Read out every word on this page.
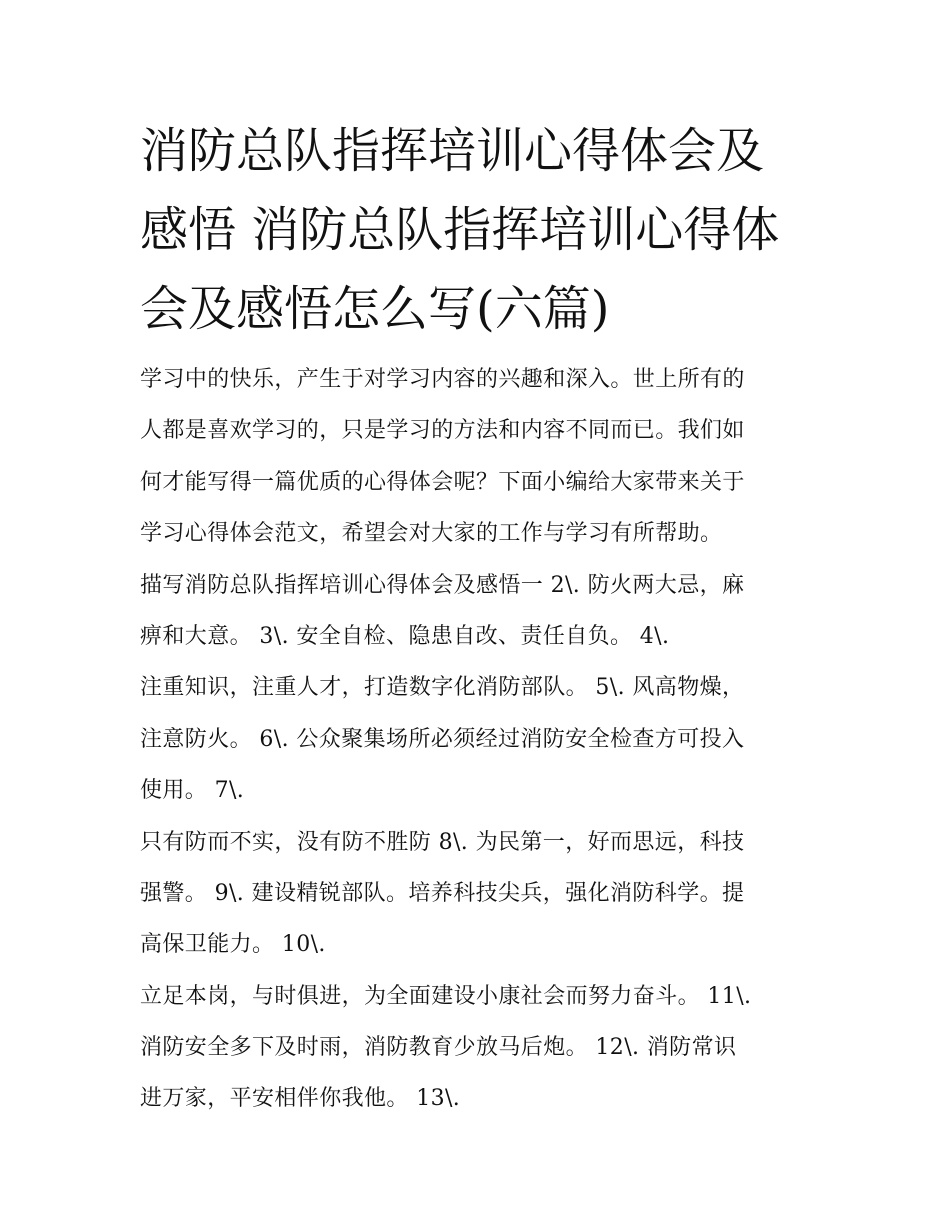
消防总队指挥培训心得体会及
感悟 消防总队指挥培训心得体
会及感悟怎么写(六篇)
学习中的快乐，产生于对学习内容的兴趣和深入。世上所有的
人都是喜欢学习的，只是学习的方法和内容不同而已。我们如
何才能写得一篇优质的心得体会呢？下面小编给大家带来关于
学习心得体会范文，希望会对大家的工作与学习有所帮助。
描写消防总队指挥培训心得体会及感悟一 2\. 防火两大忌，麻
痹和大意。 3\. 安全自检、隐患自改、责任自负。 4\.
注重知识，注重人才，打造数字化消防部队。 5\. 风高物燥，
注意防火。 6\. 公众聚集场所必须经过消防安全检查方可投入
使用。 7\.
只有防而不实，没有防不胜防 8\. 为民第一，好而思远，科技
强警。 9\. 建设精锐部队。培养科技尖兵，强化消防科学。提
高保卫能力。 10\.
立足本岗，与时俱进，为全面建设小康社会而努力奋斗。 11\.
消防安全多下及时雨，消防教育少放马后炮。 12\. 消防常识
进万家，平安相伴你我他。 13\.
